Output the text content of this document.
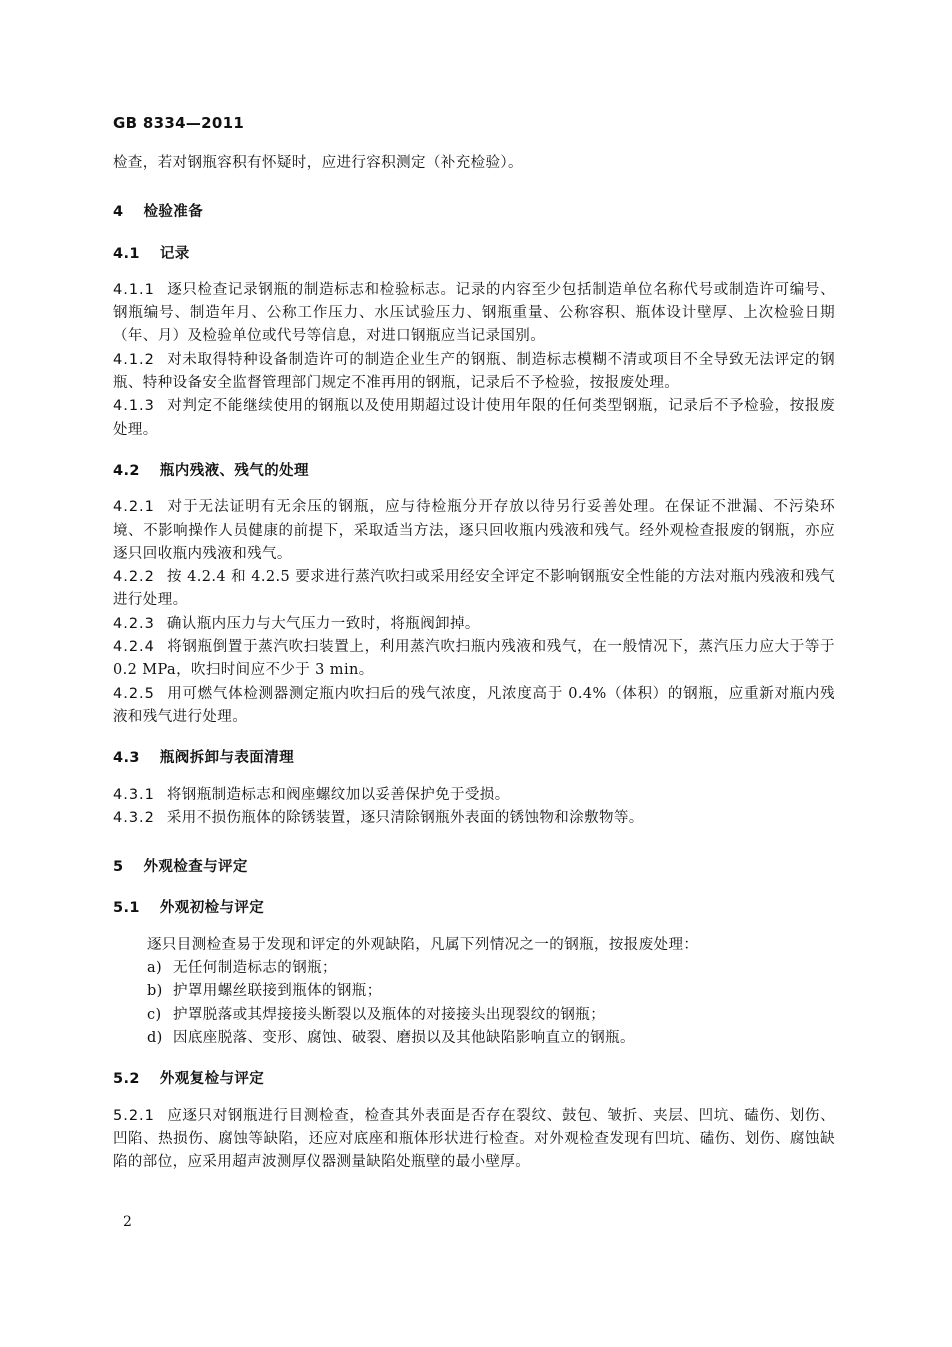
GB 8334—2011

检查，若对钢瓶容积有怀疑时，应进行容积测定（补充检验）。

4 检验准备

4.1 记录

4.1.1 逐只检查记录钢瓶的制造标志和检验标志。记录的内容至少包括制造单位名称代号或制造许可编号、钢瓶编号、制造年月、公称工作压力、水压试验压力、钢瓶重量、公称容积、瓶体设计壁厚、上次检验日期（年、月）及检验单位或代号等信息，对进口钢瓶应当记录国别。

4.1.2 对未取得特种设备制造许可的制造企业生产的钢瓶、制造标志模糊不清或项目不全导致无法评定的钢瓶、特种设备安全监督管理部门规定不准再用的钢瓶，记录后不予检验，按报废处理。

4.1.3 对判定不能继续使用的钢瓶以及使用期超过设计使用年限的任何类型钢瓶，记录后不予检验，按报废处理。

4.2 瓶内残液、残气的处理

4.2.1 对于无法证明有无余压的钢瓶，应与待检瓶分开存放以待另行妥善处理。在保证不泄漏、不污染环境、不影响操作人员健康的前提下，采取适当方法，逐只回收瓶内残液和残气。经外观检查报废的钢瓶，亦应逐只回收瓶内残液和残气。

4.2.2 按 4.2.4 和 4.2.5 要求进行蒸汽吹扫或采用经安全评定不影响钢瓶安全性能的方法对瓶内残液和残气进行处理。

4.2.3 确认瓶内压力与大气压力一致时，将瓶阀卸掉。

4.2.4 将钢瓶倒置于蒸汽吹扫装置上，利用蒸汽吹扫瓶内残液和残气，在一般情况下，蒸汽压力应大于等于 0.2 MPa，吹扫时间应不少于 3 min。

4.2.5 用可燃气体检测器测定瓶内吹扫后的残气浓度，凡浓度高于 0.4%（体积）的钢瓶，应重新对瓶内残液和残气进行处理。

4.3 瓶阀拆卸与表面清理

4.3.1 将钢瓶制造标志和阀座螺纹加以妥善保护免于受损。

4.3.2 采用不损伤瓶体的除锈装置，逐只清除钢瓶外表面的锈蚀物和涂敷物等。

5 外观检查与评定

5.1 外观初检与评定

逐只目测检查易于发现和评定的外观缺陷，凡属下列情况之一的钢瓶，按报废处理：

a) 无任何制造标志的钢瓶；

b) 护罩用螺丝联接到瓶体的钢瓶；

c) 护罩脱落或其焊接接头断裂以及瓶体的对接接头出现裂纹的钢瓶；

d) 因底座脱落、变形、腐蚀、破裂、磨损以及其他缺陷影响直立的钢瓶。

5.2 外观复检与评定

5.2.1 应逐只对钢瓶进行目测检查，检查其外表面是否存在裂纹、鼓包、皱折、夹层、凹坑、磕伤、划伤、凹陷、热损伤、腐蚀等缺陷，还应对底座和瓶体形状进行检查。对外观检查发现有凹坑、磕伤、划伤、腐蚀缺陷的部位，应采用超声波测厚仪器测量缺陷处瓶壁的最小壁厚。

2
